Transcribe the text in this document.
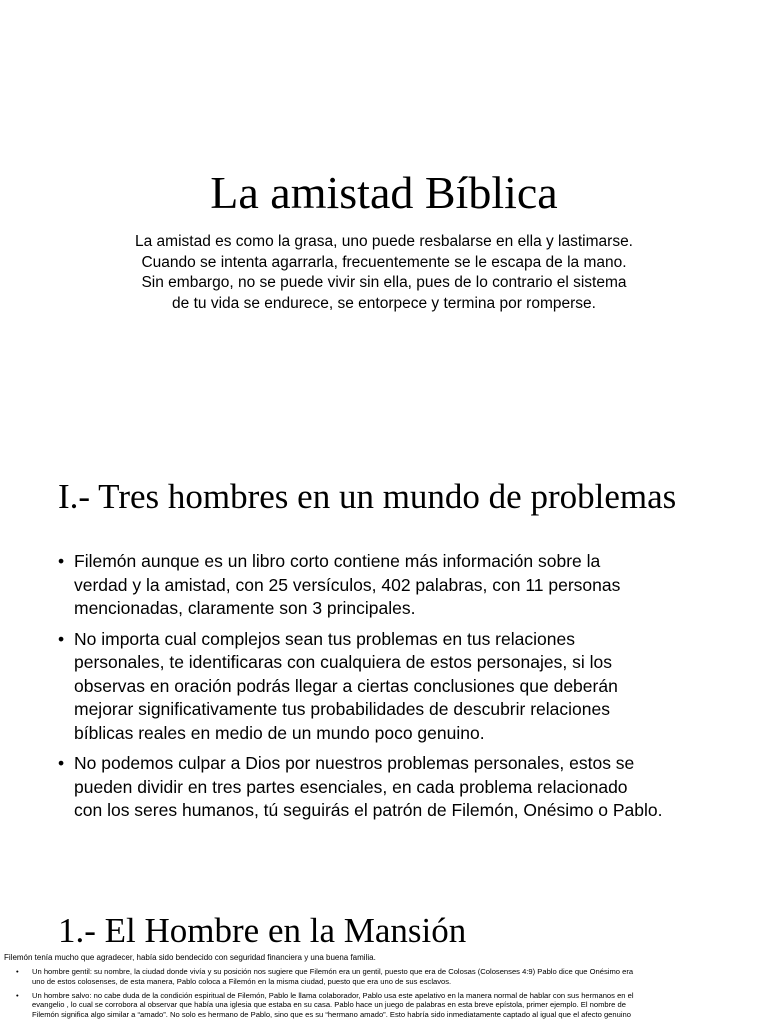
La amistad Bíblica
La amistad es como la grasa, uno puede resbalarse en ella y lastimarse.
Cuando se intenta agarrarla, frecuentemente se le escapa de la mano.
Sin embargo, no se puede vivir sin ella, pues de lo contrario el sistema
de tu vida se endurece, se entorpece y termina por romperse.
I.- Tres hombres en un mundo de problemas
• Filemón aunque es un libro corto contiene más información sobre la
verdad y la amistad, con 25 versículos, 402 palabras, con 11 personas
mencionadas, claramente son 3 principales.
• No importa cual complejos sean tus problemas en tus relaciones
personales, te identificaras con cualquiera de estos personajes, si los
observas en oración podrás llegar a ciertas conclusiones que deberán
mejorar significativamente tus probabilidades de descubrir relaciones
bíblicas reales en medio de un mundo poco genuino.
• No podemos culpar a Dios por nuestros problemas personales, estos se
pueden dividir en tres partes esenciales, en cada problema relacionado
con los seres humanos, tú seguirás el patrón de Filemón, Onésimo o Pablo.
1.- El Hombre en la Mansión
Filemón tenía mucho que agradecer, había sido bendecido con seguridad financiera y una buena familia.
• Un hombre gentil: su nombre, la ciudad donde vivía y su posición nos sugiere que Filemón era un gentil, puesto que era de Colosas (Colosenses 4:9) Pablo dice que Onésimo era
uno de estos colosenses, de esta manera, Pablo coloca a Filemón en la misma ciudad, puesto que era uno de sus esclavos.
• Un hombre salvo: no cabe duda de la condición espiritual de Filemón, Pablo le llama colaborador, Pablo usa este apelativo en la manera normal de hablar con sus hermanos en el
evangelio , lo cual se corrobora al observar que había una iglesia que estaba en su casa. Pablo hace un juego de palabras en esta breve epístola, primer ejemplo. El nombre de
Filemón significa algo similar a “amado”. No solo es hermano de Pablo, sino que es su “hermano amado”. Esto habría sido inmediatamente captado al igual que el afecto genuino
